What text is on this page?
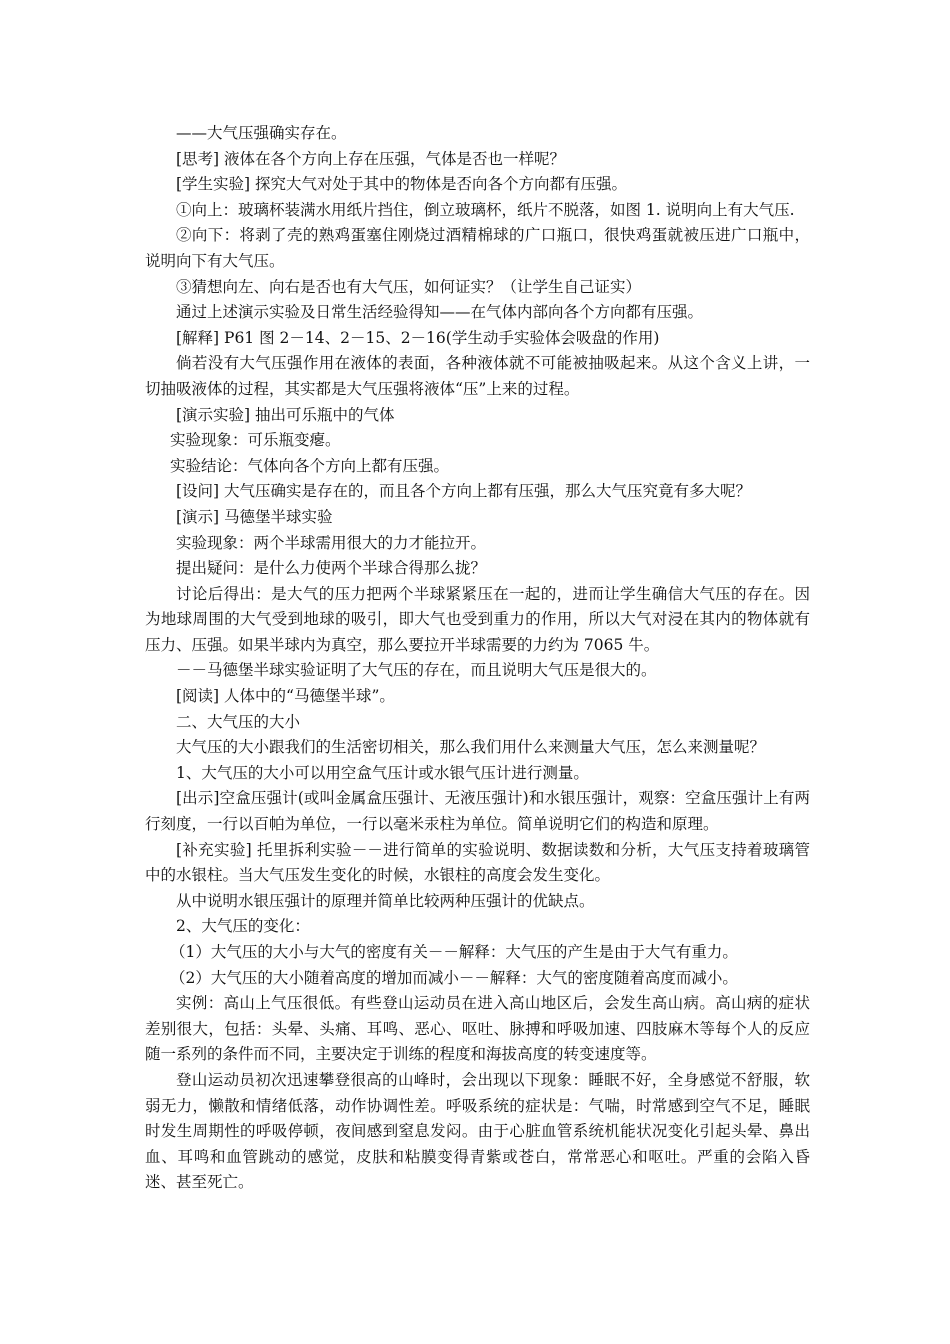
——大气压强确实存在。

[思考] 液体在各个方向上存在压强，气体是否也一样呢？

[学生实验] 探究大气对处于其中的物体是否向各个方向都有压强。

①向上：玻璃杯装满水用纸片挡住，倒立玻璃杯，纸片不脱落，如图 1. 说明向上有大气压.

②向下：将剥了壳的熟鸡蛋塞住刚烧过酒精棉球的广口瓶口，很快鸡蛋就被压进广口瓶中，说明向下有大气压。

③猜想向左、向右是否也有大气压，如何证实？（让学生自己证实）

通过上述演示实验及日常生活经验得知——在气体内部向各个方向都有压强。

[解释] P61 图 2－14、2－15、2－16(学生动手实验体会吸盘的作用)

倘若没有大气压强作用在液体的表面，各种液体就不可能被抽吸起来。从这个含义上讲，一切抽吸液体的过程，其实都是大气压强将液体“压”上来的过程。

[演示实验] 抽出可乐瓶中的气体

实验现象：可乐瓶变瘪。

实验结论：气体向各个方向上都有压强。

[设问] 大气压确实是存在的，而且各个方向上都有压强，那么大气压究竟有多大呢？

[演示] 马德堡半球实验

实验现象：两个半球需用很大的力才能拉开。

提出疑问：是什么力使两个半球合得那么拢？

讨论后得出：是大气的压力把两个半球紧紧压在一起的，进而让学生确信大气压的存在。因为地球周围的大气受到地球的吸引，即大气也受到重力的作用，所以大气对浸在其内的物体就有压力、压强。如果半球内为真空，那么要拉开半球需要的力约为 7065 牛。

－－马德堡半球实验证明了大气压的存在，而且说明大气压是很大的。

[阅读] 人体中的“马德堡半球”。

二、大气压的大小

大气压的大小跟我们的生活密切相关，那么我们用什么来测量大气压，怎么来测量呢？

1、大气压的大小可以用空盒气压计或水银气压计进行测量。

[出示]空盒压强计(或叫金属盒压强计、无液压强计)和水银压强计，观察：空盒压强计上有两行刻度，一行以百帕为单位，一行以毫米汞柱为单位。简单说明它们的构造和原理。

[补充实验] 托里拆利实验－－进行简单的实验说明、数据读数和分析，大气压支持着玻璃管中的水银柱。当大气压发生变化的时候，水银柱的高度会发生变化。

从中说明水银压强计的原理并简单比较两种压强计的优缺点。

2、大气压的变化：

（1）大气压的大小与大气的密度有关－－解释：大气压的产生是由于大气有重力。

（2）大气压的大小随着高度的增加而减小－－解释：大气的密度随着高度而减小。

实例：高山上气压很低。有些登山运动员在进入高山地区后，会发生高山病。高山病的症状差别很大，包括：头晕、头痛、耳鸣、恶心、呕吐、脉搏和呼吸加速、四肢麻木等每个人的反应随一系列的条件而不同，主要决定于训练的程度和海拔高度的转变速度等。

登山运动员初次迅速攀登很高的山峰时，会出现以下现象：睡眠不好，全身感觉不舒服，软弱无力，懒散和情绪低落，动作协调性差。呼吸系统的症状是：气喘，时常感到空气不足，睡眠时发生周期性的呼吸停顿，夜间感到窒息发闷。由于心脏血管系统机能状况变化引起头晕、鼻出血、耳鸣和血管跳动的感觉，皮肤和粘膜变得青紫或苍白，常常恶心和呕吐。严重的会陷入昏迷、甚至死亡。
